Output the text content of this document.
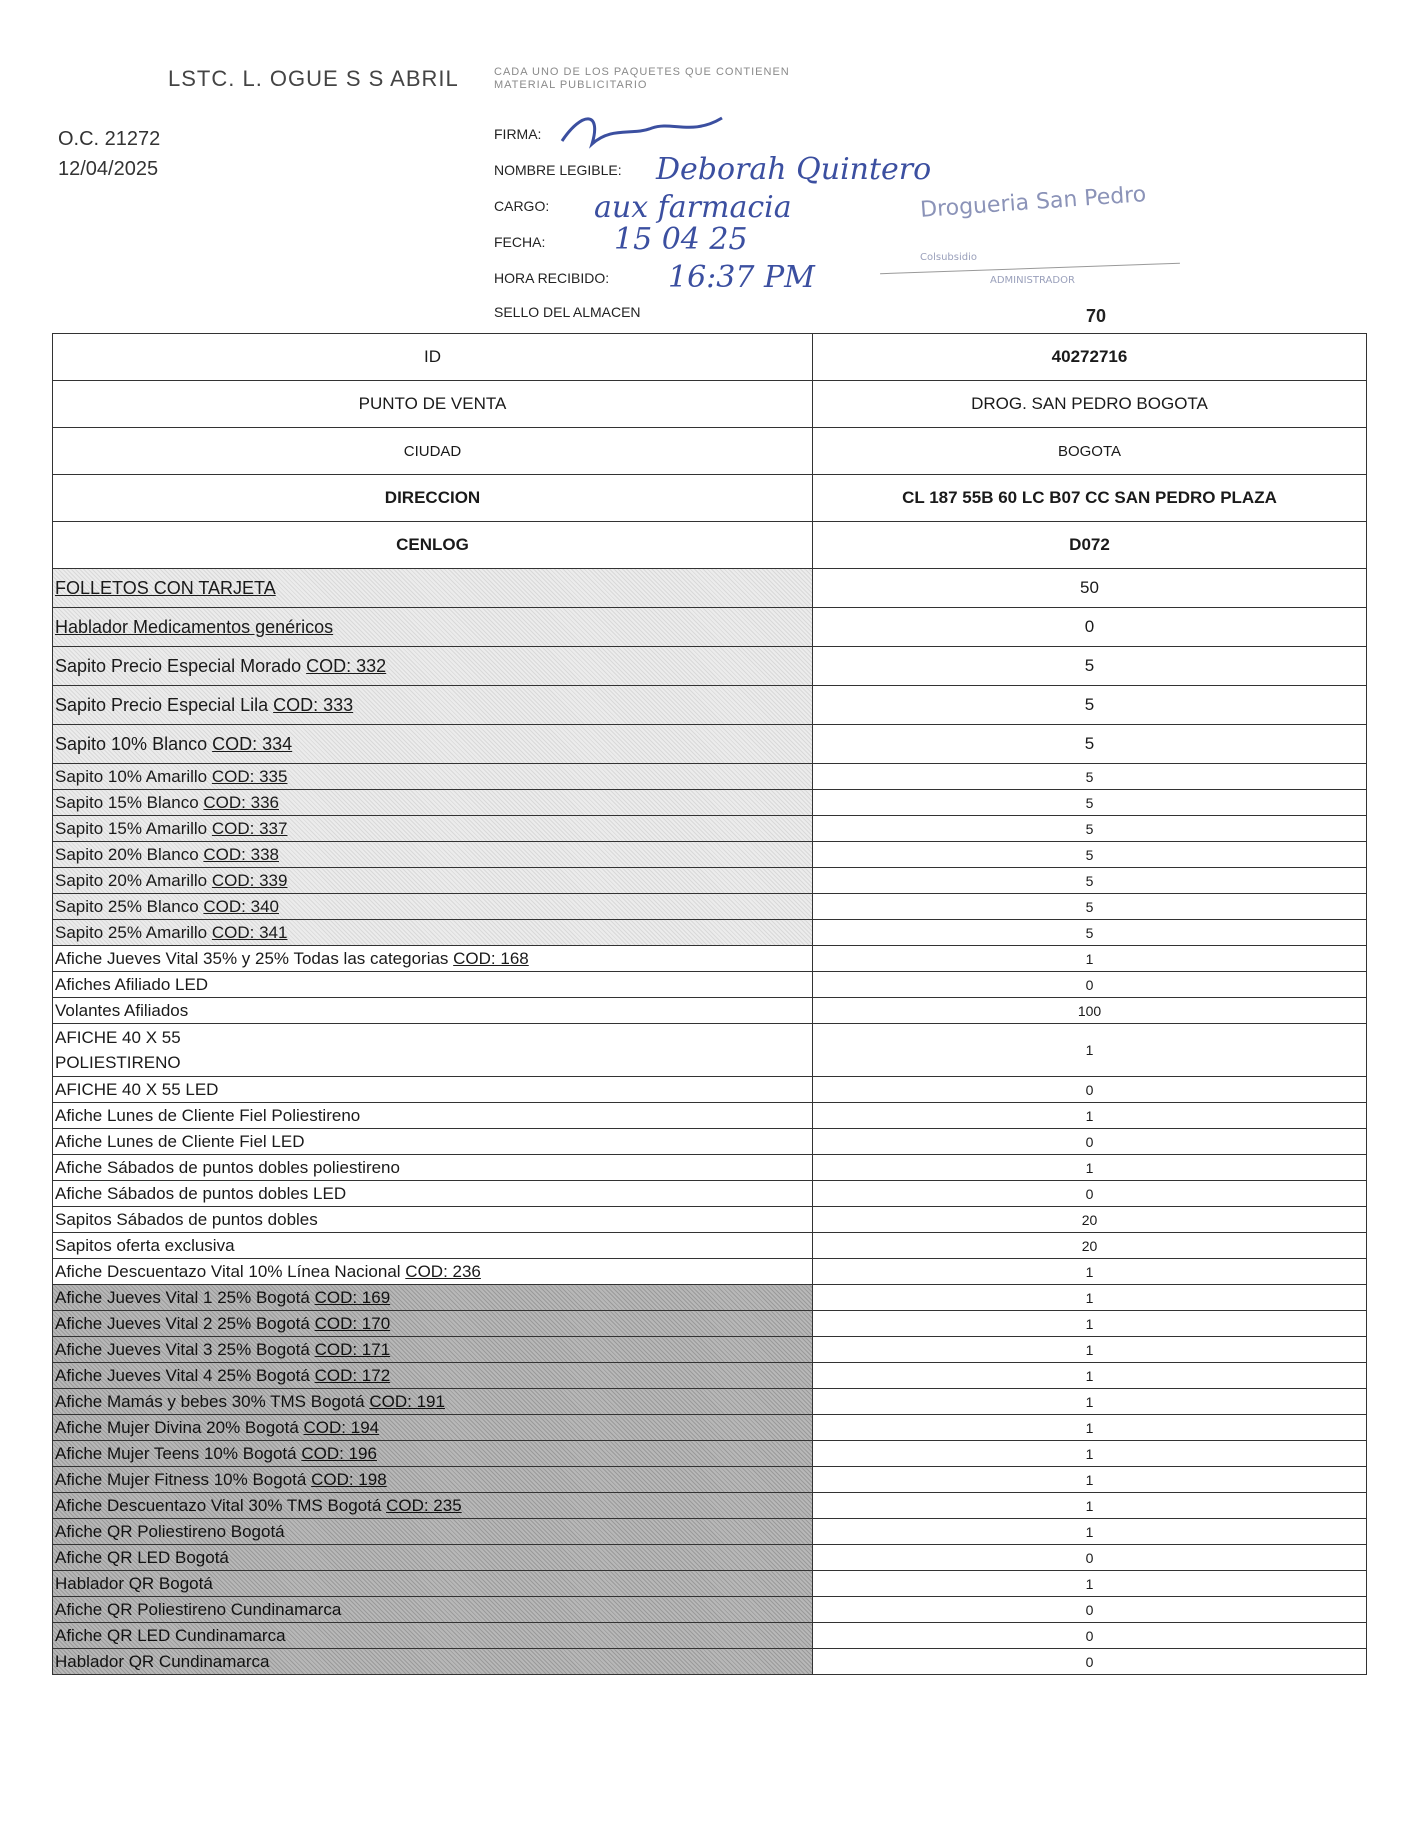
LSTC. L. OGUE S S ABRIL
O.C. 21272
12/04/2025
CADA UNO DE LOS PAQUETES QUE CONTIENEN MATERIAL PUBLICITARIO
FIRMA:
NOMBRE LEGIBLE: Deborah Quintero
CARGO: aux farmacia
FECHA: 15 04 25
HORA RECIBIDO: 16:37 PM
SELLO DEL ALMACEN
Drogueria San Pedro
Colsubsidio
ADMINISTRADOR
70
ID	40272716
PUNTO DE VENTA	DROG. SAN PEDRO BOGOTA
CIUDAD	BOGOTA
DIRECCION	CL 187 55B 60 LC B07 CC SAN PEDRO PLAZA
CENLOG	D072
FOLLETOS CON TARJETA	50
Hablador Medicamentos genéricos	0
Sapito Precio Especial Morado COD: 332	5
Sapito Precio Especial Lila COD: 333	5
Sapito 10% Blanco COD: 334	5
Sapito 10% Amarillo COD: 335	5
Sapito 15% Blanco COD: 336	5
Sapito 15% Amarillo COD: 337	5
Sapito 20% Blanco COD: 338	5
Sapito 20% Amarillo COD: 339	5
Sapito 25% Blanco COD: 340	5
Sapito 25% Amarillo COD: 341	5
Afiche Jueves Vital 35% y 25% Todas las categorias COD: 168	1
Afiches Afiliado LED	0
Volantes Afiliados	100
AFICHE 40 X 55
POLIESTIRENO	1
AFICHE 40 X 55 LED	0
Afiche Lunes de Cliente Fiel Poliestireno	1
Afiche Lunes de Cliente Fiel LED	0
Afiche Sábados de puntos dobles poliestireno	1
Afiche Sábados de puntos dobles LED	0
Sapitos Sábados de puntos dobles	20
Sapitos oferta exclusiva	20
Afiche Descuentazo Vital 10% Línea Nacional COD: 236	1
Afiche Jueves Vital 1 25% Bogotá COD: 169	1
Afiche Jueves Vital 2 25% Bogotá COD: 170	1
Afiche Jueves Vital 3 25% Bogotá COD: 171	1
Afiche Jueves Vital 4 25% Bogotá COD: 172	1
Afiche Mamás y bebes 30% TMS Bogotá COD: 191	1
Afiche Mujer Divina 20% Bogotá COD: 194	1
Afiche Mujer Teens 10% Bogotá COD: 196	1
Afiche Mujer Fitness 10% Bogotá COD: 198	1
Afiche Descuentazo Vital 30% TMS Bogotá COD: 235	1
Afiche QR Poliestireno Bogotá	1
Afiche QR LED Bogotá	0
Hablador QR Bogotá	1
Afiche QR Poliestireno Cundinamarca	0
Afiche QR LED Cundinamarca	0
Hablador QR Cundinamarca	0
